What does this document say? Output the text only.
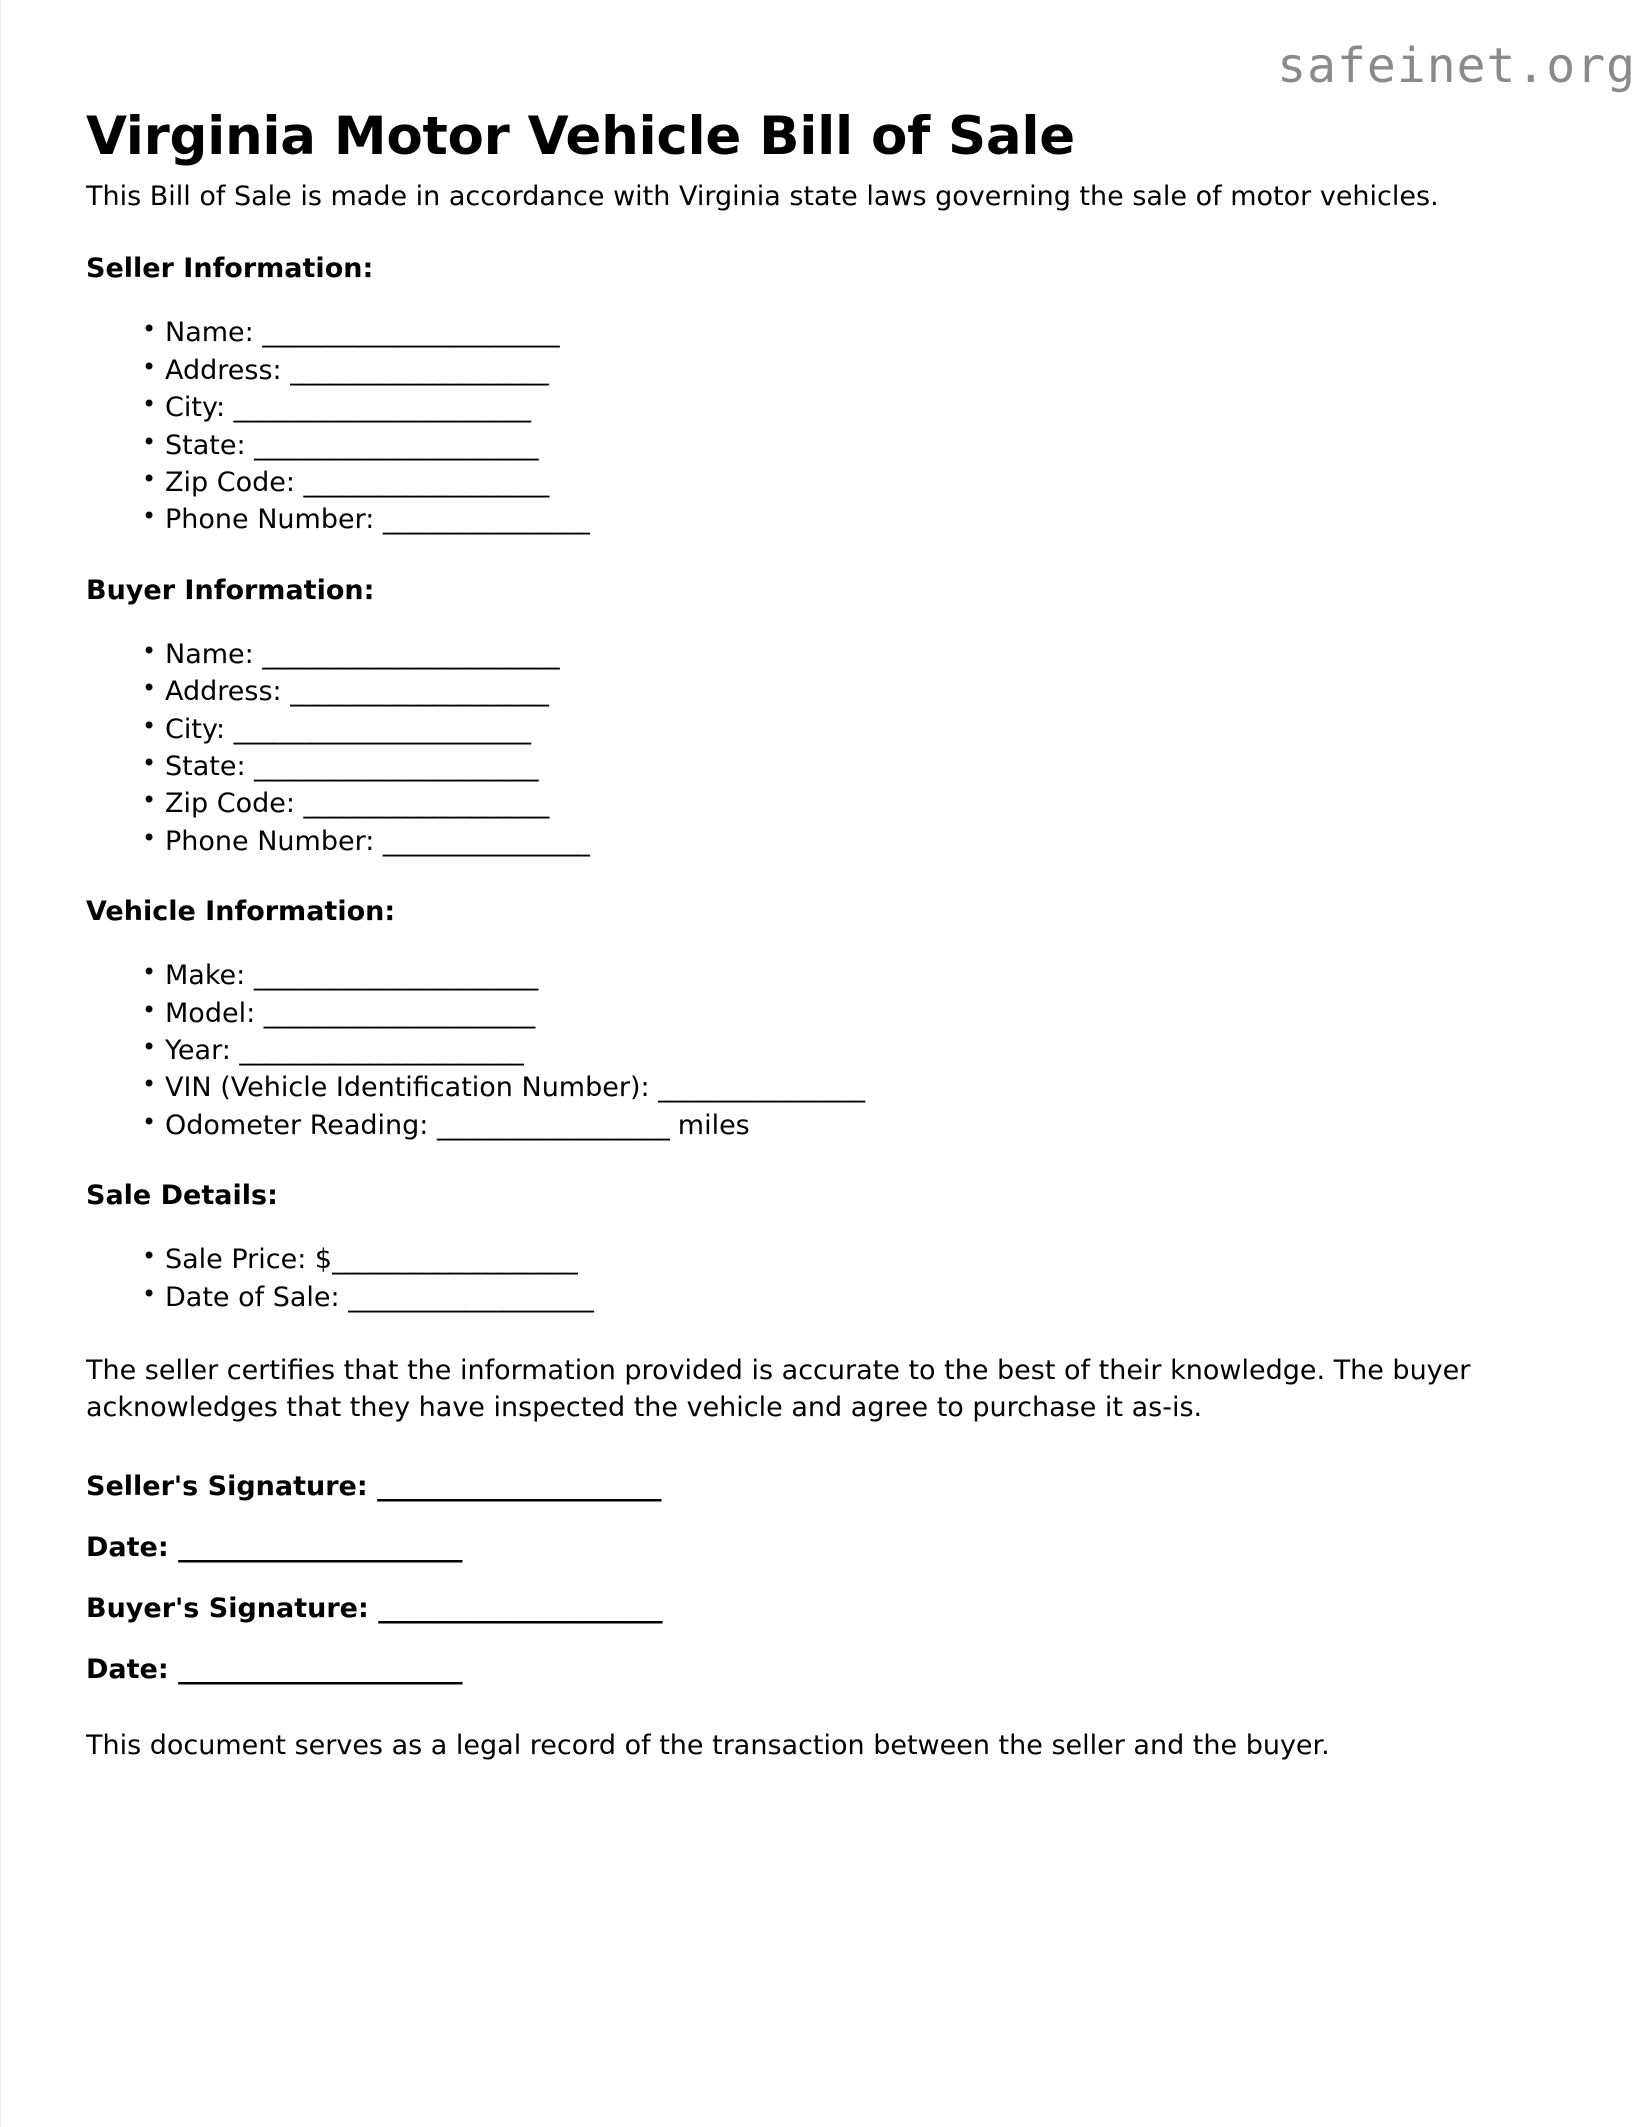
safeinet.org
Virginia Motor Vehicle Bill of Sale

This Bill of Sale is made in accordance with Virginia state laws governing the sale of motor vehicles.

Seller Information:
• Name: _______________________
• Address: ____________________
• City: _______________________
• State: ______________________
• Zip Code: ___________________
• Phone Number: ________________
Buyer Information:
• Name: _______________________
• Address: ____________________
• City: _______________________
• State: ______________________
• Zip Code: ___________________
• Phone Number: ________________
Vehicle Information:
• Make: ______________________
• Model: _____________________
• Year: ______________________
• VIN (Vehicle Identification Number): ________________
• Odometer Reading: __________________ miles
Sale Details:
• Sale Price: $___________________
• Date of Sale: ___________________

The seller certifies that the information provided is accurate to the best of their knowledge. The buyer acknowledges that they have inspected the vehicle and agree to purchase it as-is.

Seller's Signature: ______________________

Date: ______________________

Buyer's Signature: ______________________

Date: ______________________

This document serves as a legal record of the transaction between the seller and the buyer.
